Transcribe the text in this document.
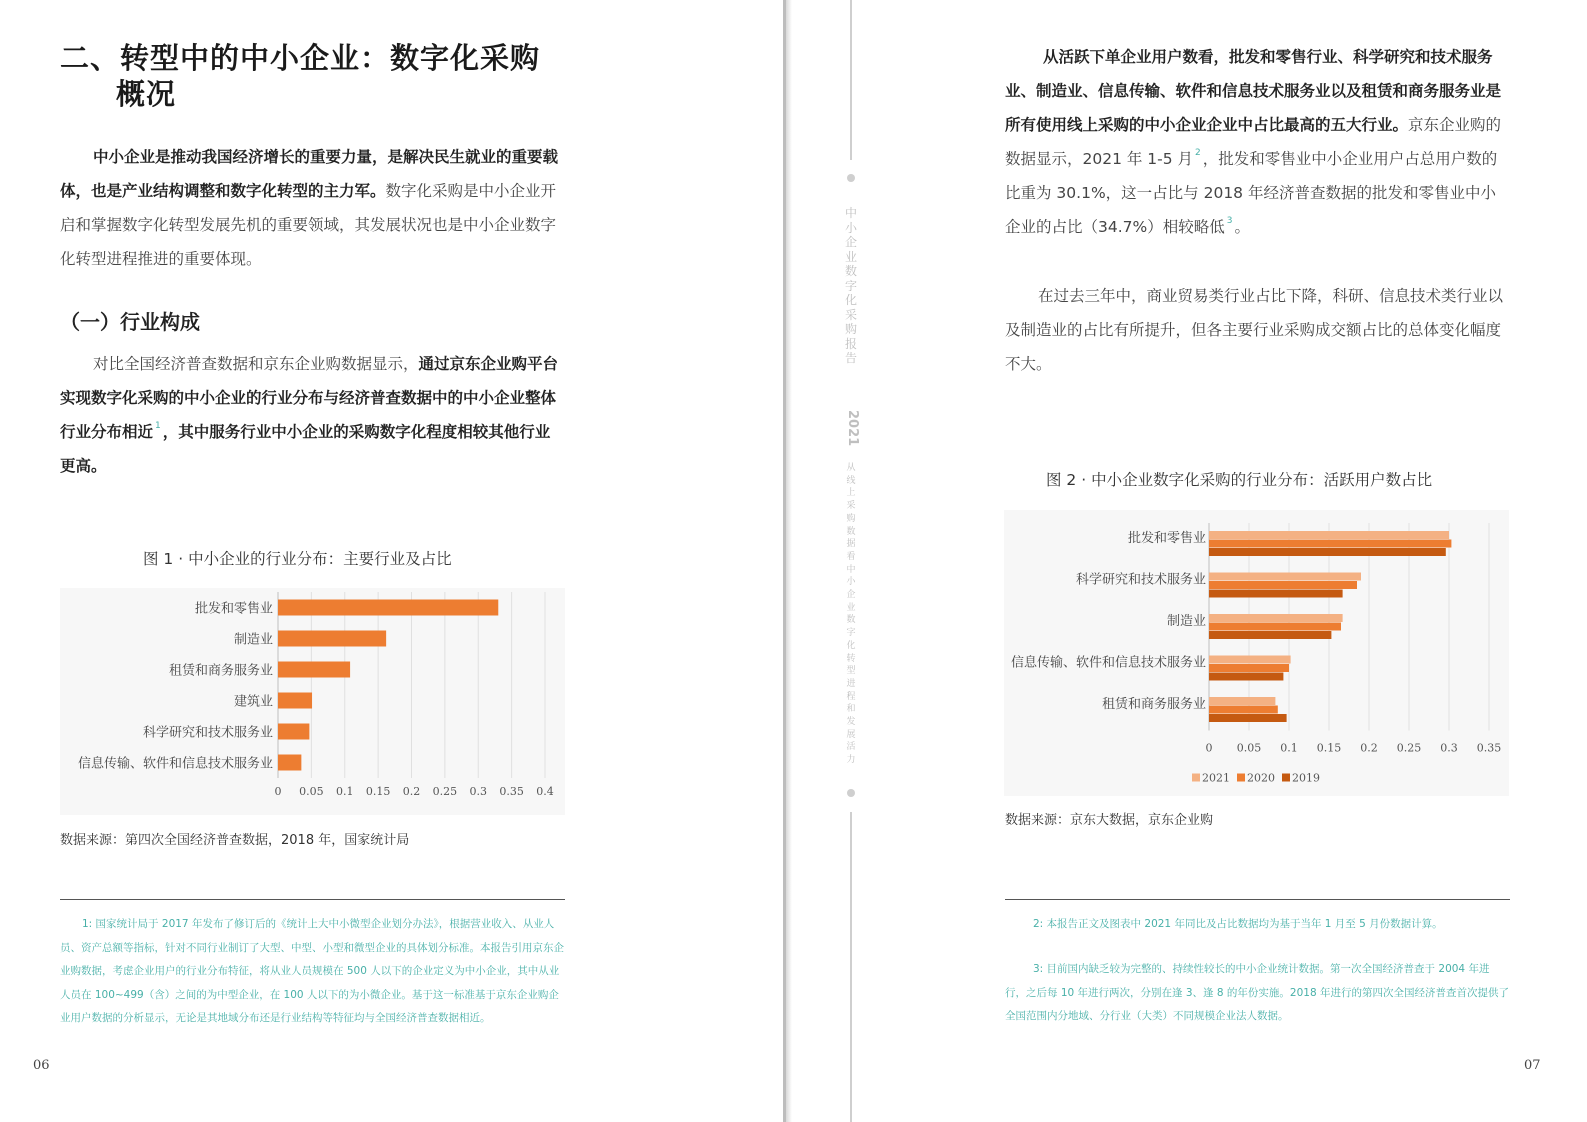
二、转型中的中小企业：数字化采购
概况

中小企业是推动我国经济增长的重要力量，是解决民生就业的重要载体，也是产业结构调整和数字化转型的主力军。数字化采购是中小企业开启和掌握数字化转型发展先机的重要领域，其发展状况也是中小企业数字化转型进程推进的重要体现。

（一）行业构成

对比全国经济普查数据和京东企业购数据显示，通过京东企业购平台实现数字化采购的中小企业的行业分布与经济普查数据中的中小企业整体行业分布相近 $^1$ ，其中服务行业中小企业的采购数字化程度相较其他行业更高。

图 1 · 中小企业的行业分布：主要行业及占比

0 0.05 0.1 0.15 0.2 0.25 0.3 0.35 0.4
批发和零售业
制造业
租赁和商务服务业
建筑业
科学研究和技术服务业
信息传输、软件和信息技术服务业

数据来源：第四次全国经济普查数据，2018 年，国家统计局

1: 国家统计局于 2017 年发布了修订后的《统计上大中小微型企业划分办法》，根据营业收入、从业人员、资产总额等指标，针对不同行业制订了大型、中型、小型和微型企业的具体划分标准。本报告引用京东企业购数据，考虑企业用户的行业分布特征，将从业人员规模在 500 人以下的企业定义为中小企业，其中从业人员在 100~499（含）之间的为中型企业，在 100 人以下的为小微企业。基于这一标准基于京东企业购企业用户数据的分析显示，无论是其地域分布还是行业结构等特征均与全国经济普查数据相近。

06
中小企业数字化采购报告
2021
从线上采购数据看中小企业数字化转型进程和发展活力

从活跃下单企业用户数看，批发和零售行业、科学研究和技术服务业、制造业、信息传输、软件和信息技术服务业以及租赁和商务服务业是所有使用线上采购的中小企业企业中占比最高的五大行业。京东企业购的数据显示，2021 年 1-5 月 $^2$ ，批发和零售业中小企业用户占总用户数的比重为 30.1%，这一占比与 2018 年经济普查数据的批发和零售业中小企业的占比（34.7%）相较略低 $^3$ 。

在过去三年中，商业贸易类行业占比下降，科研、信息技术类行业以及制造业的占比有所提升，但各主要行业采购成交额占比的总体变化幅度不大。

图 2 · 中小企业数字化采购的行业分布：活跃用户数占比

0 0.05 0.1 0.15 0.2 0.25 0.3 0.35
批发和零售业
科学研究和技术服务业
制造业
信息传输、软件和信息技术服务业
租赁和商务服务业
2021 2020 2019

数据来源：京东大数据，京东企业购

2: 本报告正文及图表中 2021 年同比及占比数据均为基于当年 1 月至 5 月份数据计算。

3: 目前国内缺乏较为完整的、持续性较长的中小企业统计数据。第一次全国经济普查于 2004 年进行，之后每 10 年进行两次，分别在逢 3、逢 8 的年份实施。2018 年进行的第四次全国经济普查首次提供了全国范围内分地域、分行业（大类）不同规模企业法人数据。

07
